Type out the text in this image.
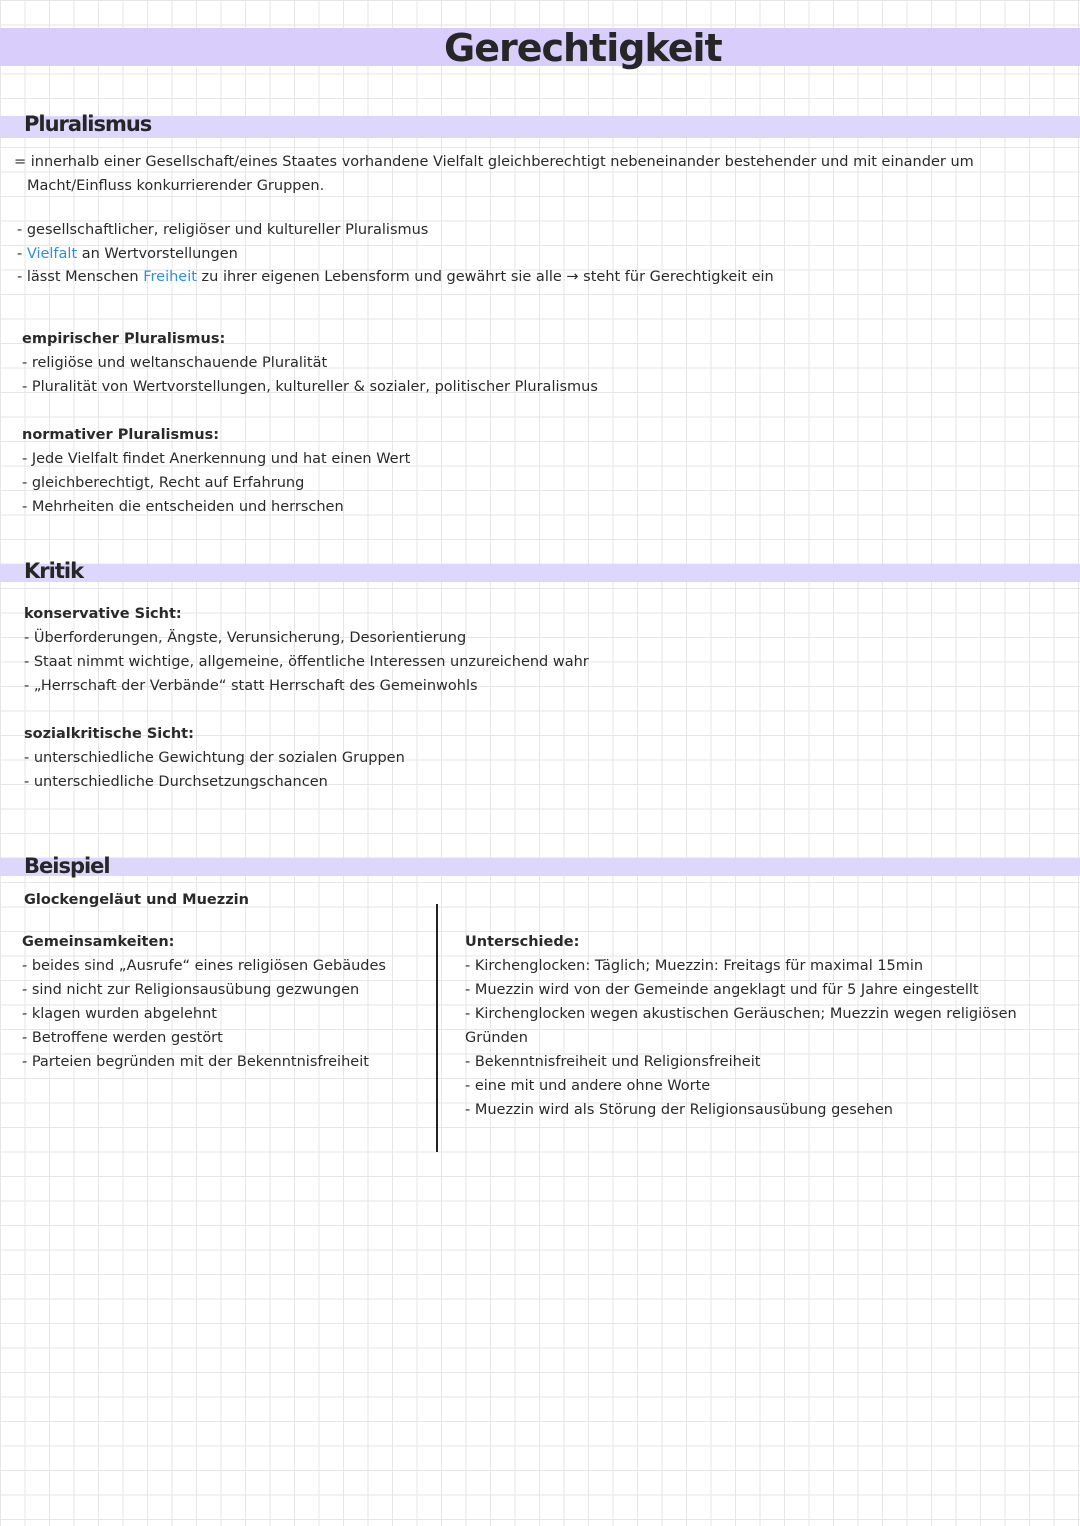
Gerechtigkeit
Pluralismus
= innerhalb einer Gesellschaft/eines Staates vorhandene Vielfalt gleichberechtigt nebeneinander bestehender und mit einander um
Macht/Einfluss konkurrierender Gruppen.
- gesellschaftlicher, religiöser und kultureller Pluralismus
- Vielfalt an Wertvorstellungen
- lässt Menschen Freiheit zu ihrer eigenen Lebensform und gewährt sie alle → steht für Gerechtigkeit ein
empirischer Pluralismus:
- religiöse und weltanschauende Pluralität
- Pluralität von Wertvorstellungen, kultureller & sozialer, politischer Pluralismus
normativer Pluralismus:
- Jede Vielfalt findet Anerkennung und hat einen Wert
- gleichberechtigt, Recht auf Erfahrung
- Mehrheiten die entscheiden und herrschen
Kritik
konservative Sicht:
- Überforderungen, Ängste, Verunsicherung, Desorientierung
- Staat nimmt wichtige, allgemeine, öffentliche Interessen unzureichend wahr
- „Herrschaft der Verbände“ statt Herrschaft des Gemeinwohls
sozialkritische Sicht:
- unterschiedliche Gewichtung der sozialen Gruppen
- unterschiedliche Durchsetzungschancen
Beispiel
Glockengeläut und Muezzin
Gemeinsamkeiten:
- beides sind „Ausrufe“ eines religiösen Gebäudes
- sind nicht zur Religionsausübung gezwungen
- klagen wurden abgelehnt
- Betroffene werden gestört
- Parteien begründen mit der Bekenntnisfreiheit
Unterschiede:
- Kirchenglocken: Täglich; Muezzin: Freitags für maximal 15min
- Muezzin wird von der Gemeinde angeklagt und für 5 Jahre eingestellt
- Kirchenglocken wegen akustischen Geräuschen; Muezzin wegen religiösen
Gründen
- Bekenntnisfreiheit und Religionsfreiheit
- eine mit und andere ohne Worte
- Muezzin wird als Störung der Religionsausübung gesehen
